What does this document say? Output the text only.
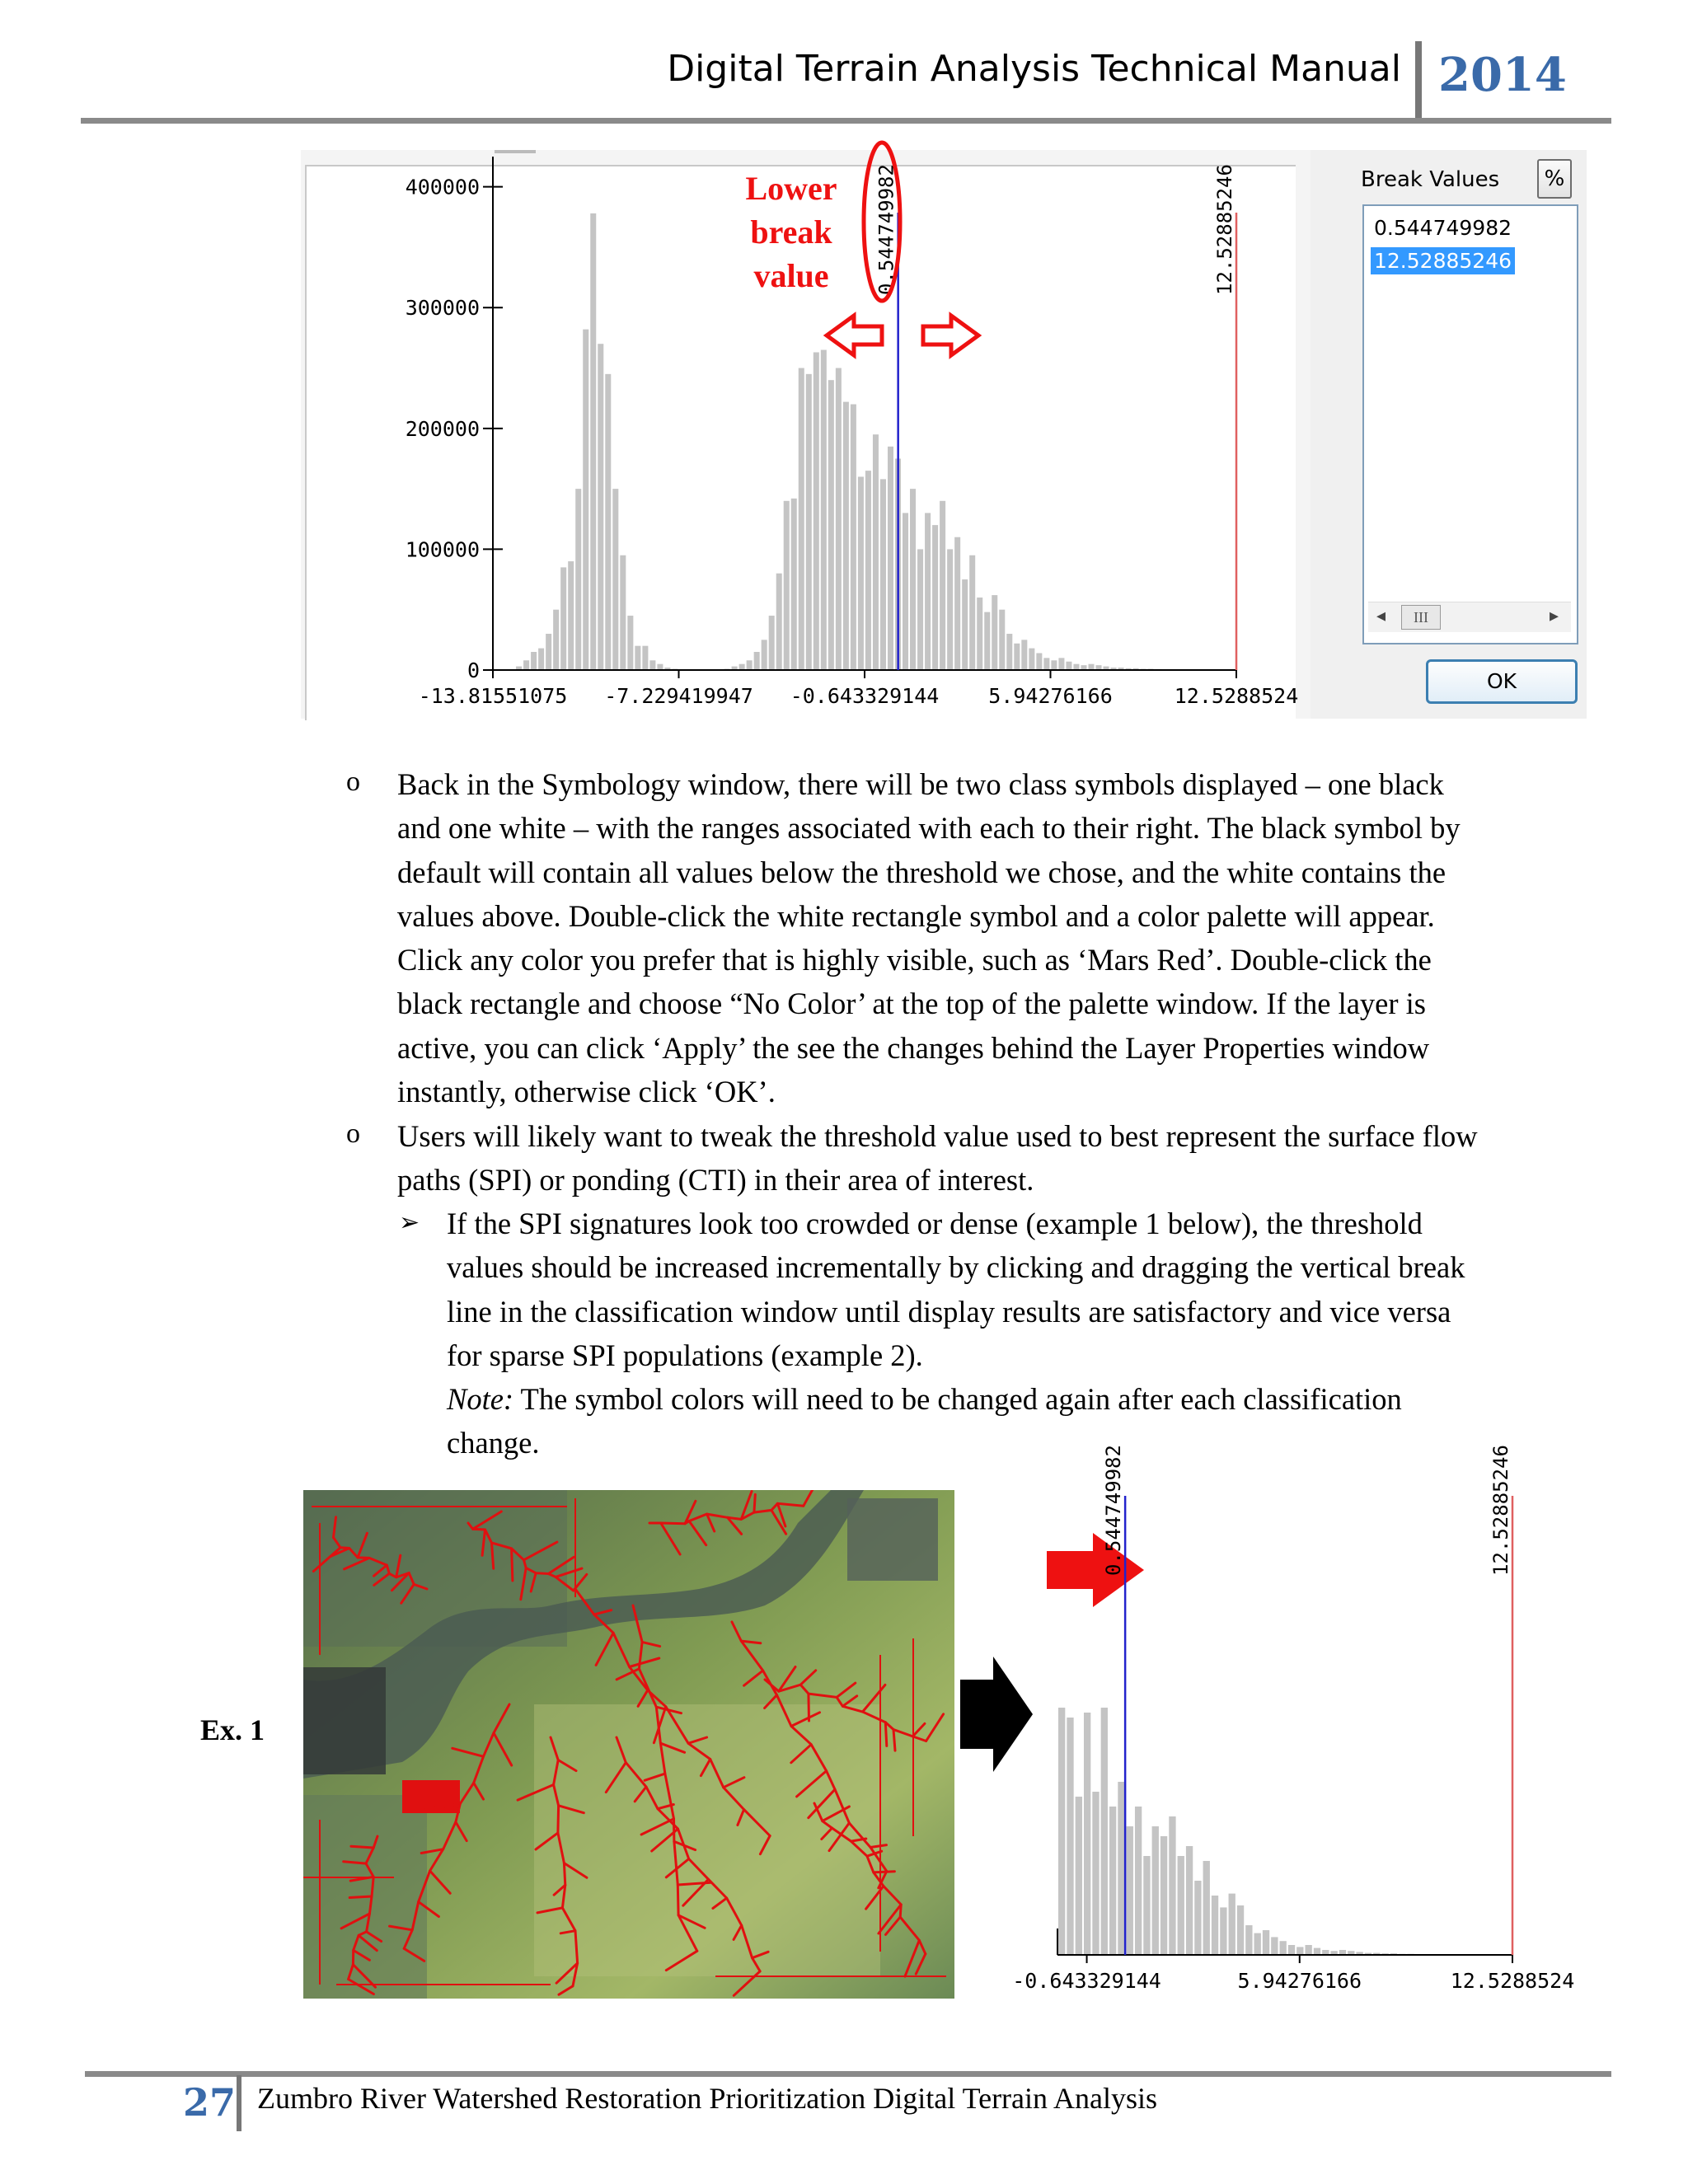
Digital Terrain Analysis Technical Manual 2014
-13.81551075 -7.229419947 -0.643329144 5.94276166	12.5288524
0
100000
200000
300000
400000	0.544749982	12.52885246	Break Values	%
0.544749982
12.52885246
◂	III	▸
OK
Lower
break
value
o Back in the Symbology window, there will be two class symbols displayed – one black
and one white – with the ranges associated with each to their right. The black symbol by
default will contain all values below the threshold we chose, and the white contains the
values above. Double-click the white rectangle symbol and a color palette will appear.
Click any color you prefer that is highly visible, such as ‘Mars Red’. Double-click the
black rectangle and choose “No Color’ at the top of the palette window. If the layer is
active, you can click ‘Apply’ the see the changes behind the Layer Properties window
instantly, otherwise click ‘OK’.
o Users will likely want to tweak the threshold value used to best represent the surface flow
paths (SPI) or ponding (CTI) in their area of interest.
➢ If the SPI signatures look too crowded or dense (example 1 below), the threshold
values should be increased incrementally by clicking and dragging the vertical break
line in the classification window until display results are satisfactory and vice versa
for sparse SPI populations (example 2).
Note: The symbol colors will need to be changed again after each classification
change.
Ex. 1
-0.643329144	5.94276166	12.5288524
0.544749982	12.52885246
27 Zumbro River Watershed Restoration Prioritization Digital Terrain Analysis
